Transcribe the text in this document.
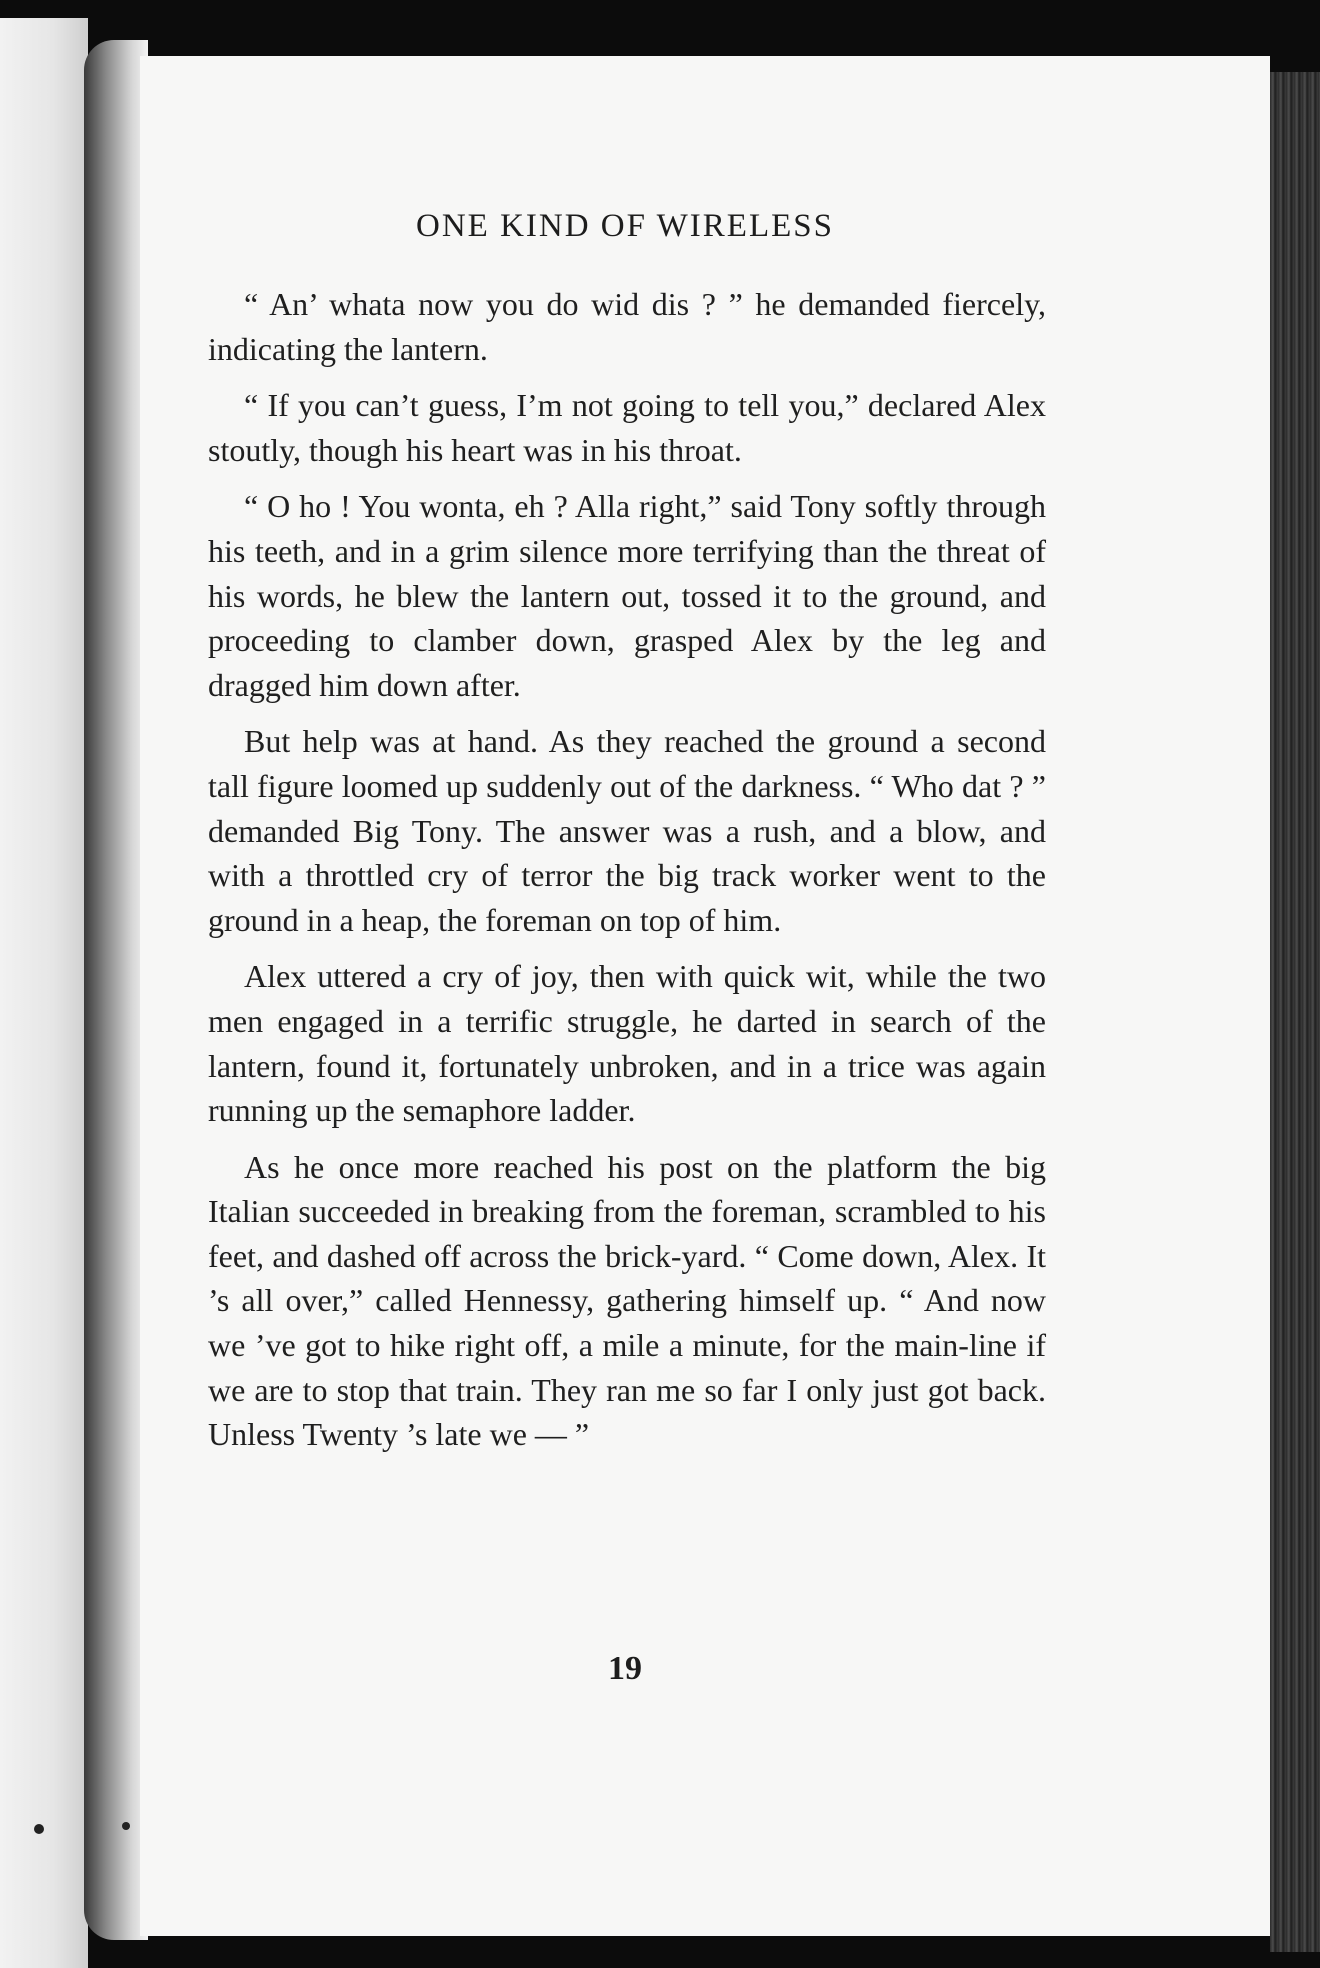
ONE KIND OF WIRELESS

“ An’ whata now you do wid dis ? ” he demanded fiercely, indicating the lantern.

“ If you can’t guess, I’m not going to tell you,” declared Alex stoutly, though his heart was in his throat.

“ O ho ! You wonta, eh ? Alla right,” said Tony softly through his teeth, and in a grim silence more terrifying than the threat of his words, he blew the lantern out, tossed it to the ground, and proceeding to clamber down, grasped Alex by the leg and dragged him down after.

But help was at hand. As they reached the ground a second tall figure loomed up suddenly out of the darkness. “ Who dat ? ” demanded Big Tony. The answer was a rush, and a blow, and with a throttled cry of terror the big track worker went to the ground in a heap, the foreman on top of him.

Alex uttered a cry of joy, then with quick wit, while the two men engaged in a terrific struggle, he darted in search of the lantern, found it, fortunately unbroken, and in a trice was again running up the semaphore ladder.

As he once more reached his post on the platform the big Italian succeeded in breaking from the foreman, scrambled to his feet, and dashed off across the brick-yard. “ Come down, Alex. It ’s all over,” called Hennessy, gathering himself up. “ And now we ’ve got to hike right off, a mile a minute, for the main-line if we are to stop that train. They ran me so far I only just got back. Unless Twenty ’s late we — ”

19
